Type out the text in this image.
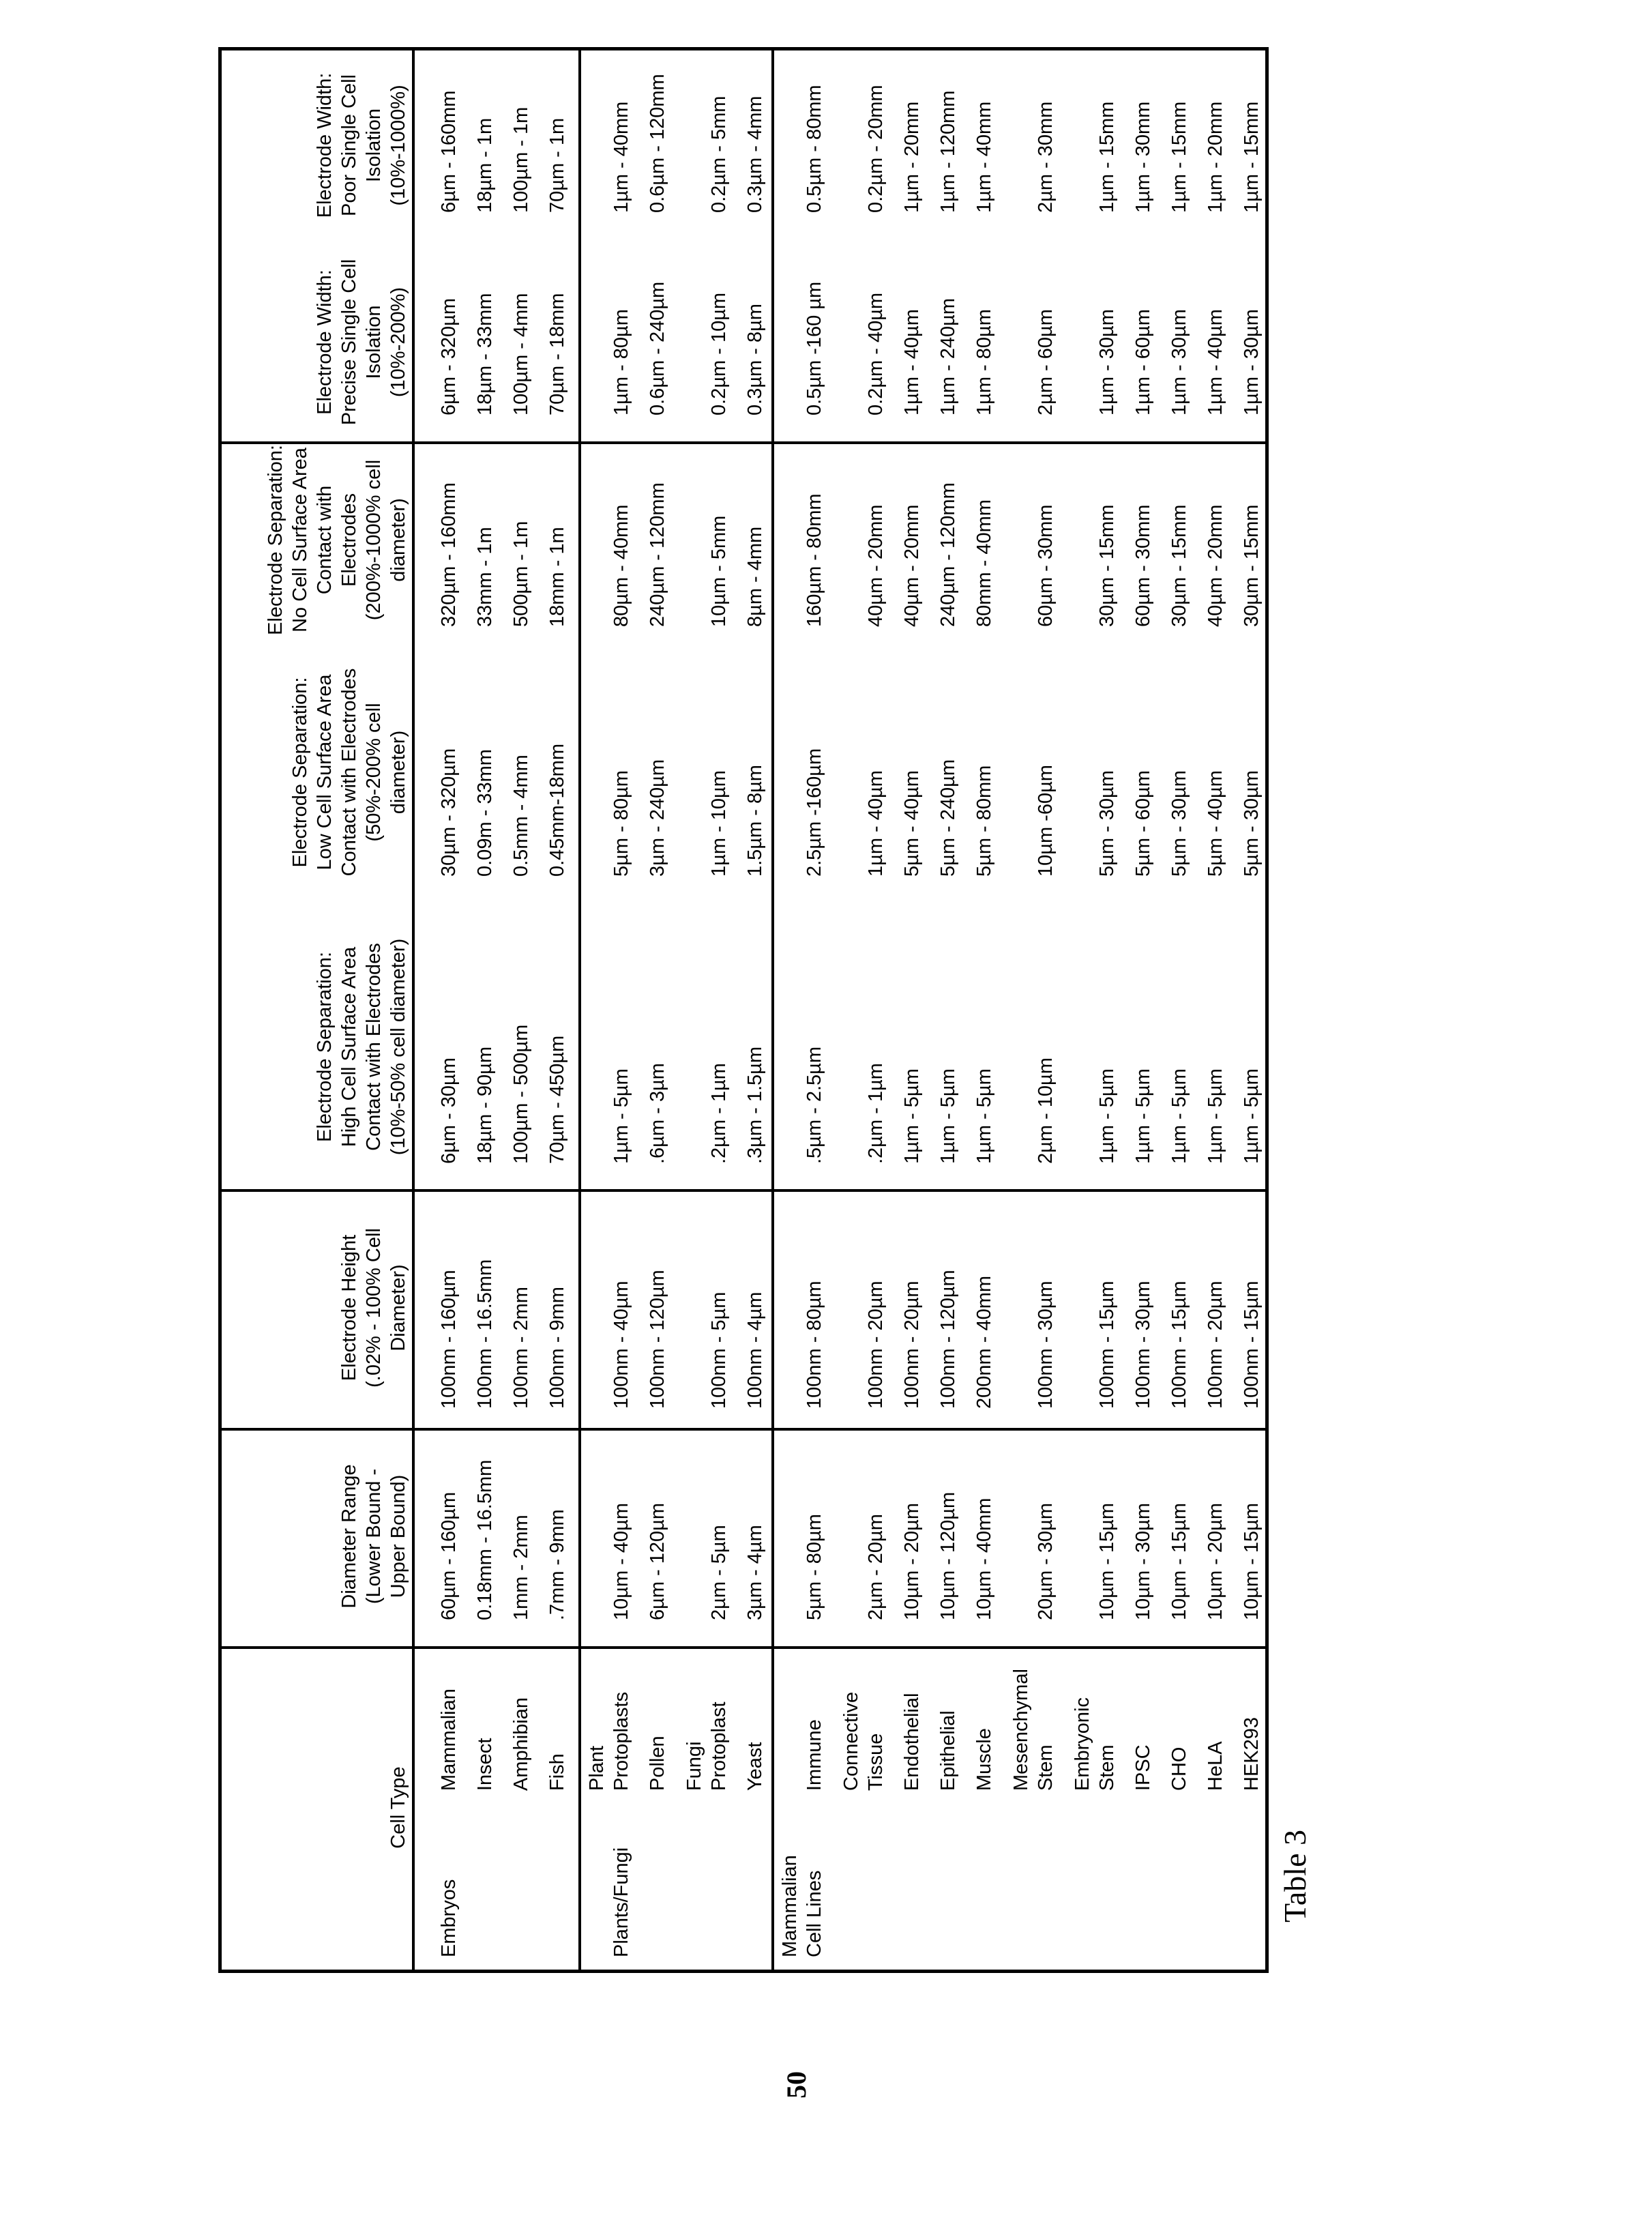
Cell Type
Diameter Range
(Lower Bound -
Upper Bound)
Electrode Height
(.02% - 100% Cell
Diameter)
Electrode Separation:
High Cell Surface Area
Contact with Electrodes
(10%-50% cell diameter)
Electrode Separation:
Low Cell Surface Area
Contact with Electrodes
(50%-200% cell
diameter)
Electrode Separation:
No Cell Surface Area
Contact with
Electrodes
(200%-1000% cell
diameter)
Electrode Width:
Precise Single Cell
Isolation
(10%-200%)
Electrode Width:
Poor Single Cell
Isolation
(10%-1000%)
Embryos
Mammalian
60µm - 160µm
100nm - 160µm
6µm - 30µm
30µm - 320µm
320µm - 160mm
6µm - 320µm
6µm - 160mm
Insect
0.18mm - 16.5mm
100nm - 16.5mm
18µm - 90µm
0.09m - 33mm
33mm - 1m
18µm - 33mm
18µm - 1m
Amphibian
1mm - 2mm
100nm - 2mm
100µm - 500µm
0.5mm - 4mm
500µm - 1m
100µm - 4mm
100µm - 1m
Fish
.7mm - 9mm
100nm - 9mm
70µm - 450µm
0.45mm-18mm
18mm - 1m
70µm - 18mm
70µm - 1m
Plants/Fungi
Plant
Protoplasts
10µm - 40µm
100nm - 40µm
1µm - 5µm
5µm - 80µm
80µm - 40mm
1µm - 80µm
1µm - 40mm
Pollen
6µm - 120µm
100nm - 120µm
.6µm - 3µm
3µm - 240µm
240µm - 120mm
0.6µm - 240µm
0.6µm - 120mm
Fungi
Protoplast
2µm - 5µm
100nm - 5µm
.2µm - 1µm
1µm - 10µm
10µm - 5mm
0.2µm - 10µm
0.2µm - 5mm
Yeast
3µm - 4µm
100nm - 4µm
.3µm - 1.5µm
1.5µm - 8µm
8µm - 4mm
0.3µm - 8µm
0.3µm - 4mm
Mammalian
Cell Lines
Immune
5µm - 80µm
100nm - 80µm
.5µm - 2.5µm
2.5µm -160µm
160µm - 80mm
0.5µm -160 µm
0.5µm - 80mm
Connective
Tissue
2µm - 20µm
100nm - 20µm
.2µm - 1µm
1µm - 40µm
40µm - 20mm
0.2µm - 40µm
0.2µm - 20mm
Endothelial
10µm - 20µm
100nm - 20µm
1µm - 5µm
5µm - 40µm
40µm - 20mm
1µm - 40µm
1µm - 20mm
Epithelial
10µm - 120µm
100nm - 120µm
1µm - 5µm
5µm - 240µm
240µm - 120mm
1µm - 240µm
1µm - 120mm
Muscle
10µm - 40mm
200nm - 40mm
1µm - 5µm
5µm - 80mm
80mm - 40mm
1µm - 80µm
1µm - 40mm
Mesenchymal
Stem
20µm - 30µm
100nm - 30µm
2µm - 10µm
10µm -60µm
60µm - 30mm
2µm - 60µm
2µm - 30mm
Embryonic
Stem
10µm - 15µm
100nm - 15µm
1µm - 5µm
5µm - 30µm
30µm - 15mm
1µm - 30µm
1µm - 15mm
IPSC
10µm - 30µm
100nm - 30µm
1µm - 5µm
5µm - 60µm
60µm - 30mm
1µm - 60µm
1µm - 30mm
CHO
10µm - 15µm
100nm - 15µm
1µm - 5µm
5µm - 30µm
30µm - 15mm
1µm - 30µm
1µm - 15mm
HeLA
10µm - 20µm
100nm - 20µm
1µm - 5µm
5µm - 40µm
40µm - 20mm
1µm - 40µm
1µm - 20mm
HEK293
10µm - 15µm
100nm - 15µm
1µm - 5µm
5µm - 30µm
30µm - 15mm
1µm - 30µm
1µm - 15mm
Table 3
50
